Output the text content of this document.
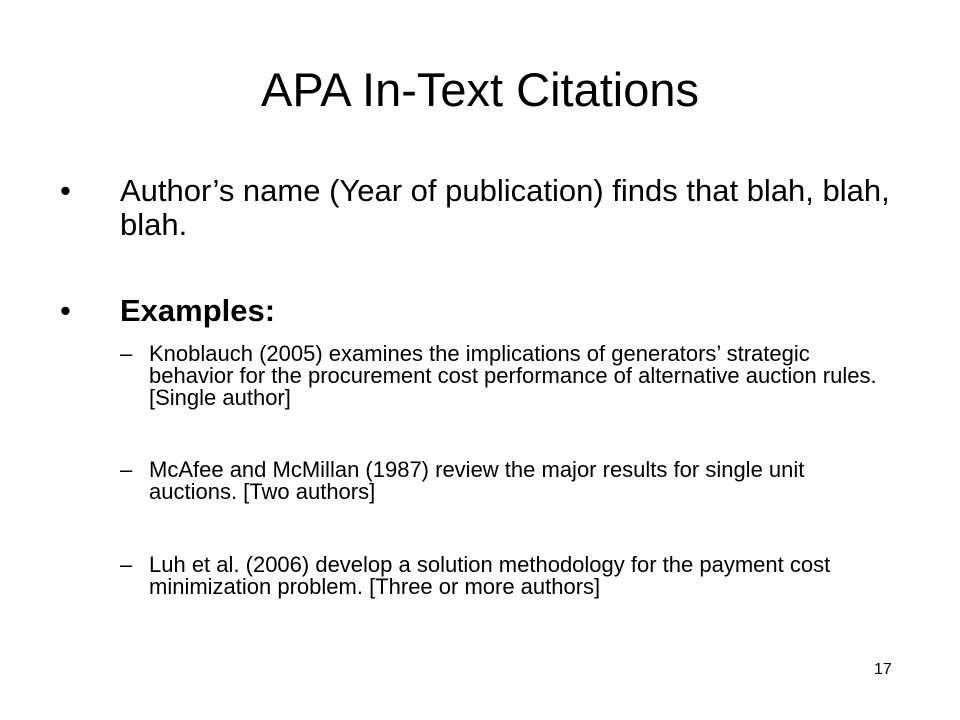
APA In-Text Citations
•	Author’s name (Year of publication) finds that blah, blah, blah.
•	Examples:
– Knoblauch (2005) examines the implications of generators’ strategic behavior for the procurement cost performance of alternative auction rules. [Single author]
– McAfee and McMillan (1987) review the major results for single unit auctions. [Two authors]
– Luh et al. (2006) develop a solution methodology for the payment cost minimization problem. [Three or more authors]
17
